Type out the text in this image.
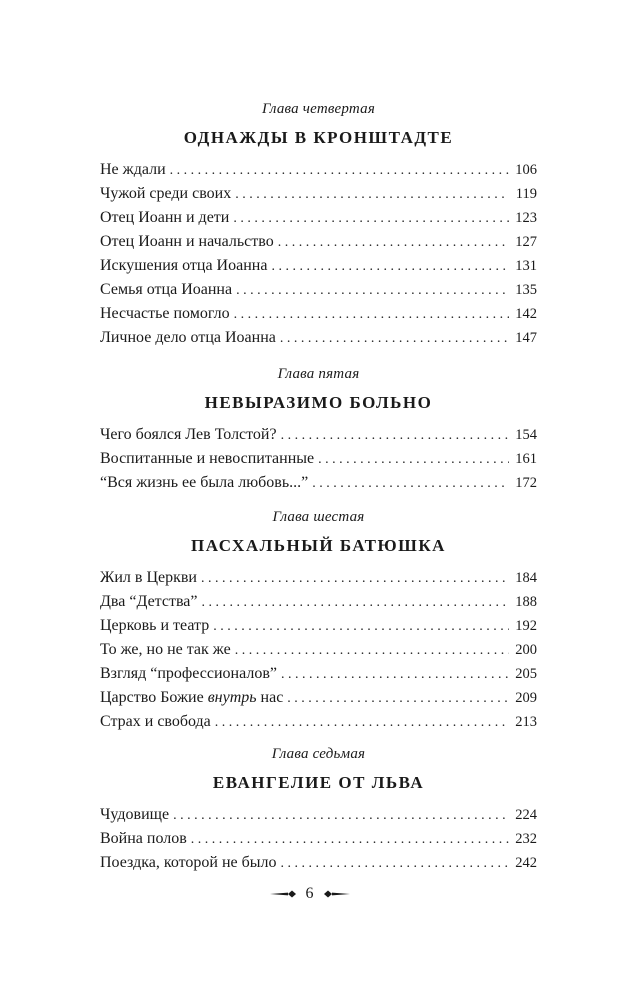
Глава четвертая

ОДНАЖДЫ В КРОНШТАДТЕ
Не ждали . . .	106
Чужой среди своих . . .	119
Отец Иоанн и дети . . .	123
Отец Иоанн и начальство . . .	127
Искушения отца Иоанна . . .	131
Семья отца Иоанна . . .	135
Несчастье помогло . . .	142
Личное дело отца Иоанна . . .	147

Глава пятая

НЕВЫРАЗИМО БОЛЬНО
Чего боялся Лев Толстой? . . .	154
Воспитанные и невоспитанные . . .	161
“Вся жизнь ее была любовь...” . . .	172

Глава шестая

ПАСХАЛЬНЫЙ БАТЮШКА
Жил в Церкви . . .	184
Два “Детства” . . .	188
Церковь и театр . . .	192
То же, но не так же . . .	200
Взгляд “профессионалов” . . .	205
Царство Божие внутрь нас . . .	209
Страх и свобода . . .	213

Глава седьмая

ЕВАНГЕЛИЕ ОТ ЛЬВА
Чудовище . . .	224
Война полов . . .	232
Поездка, которой не было . . .	242
6
